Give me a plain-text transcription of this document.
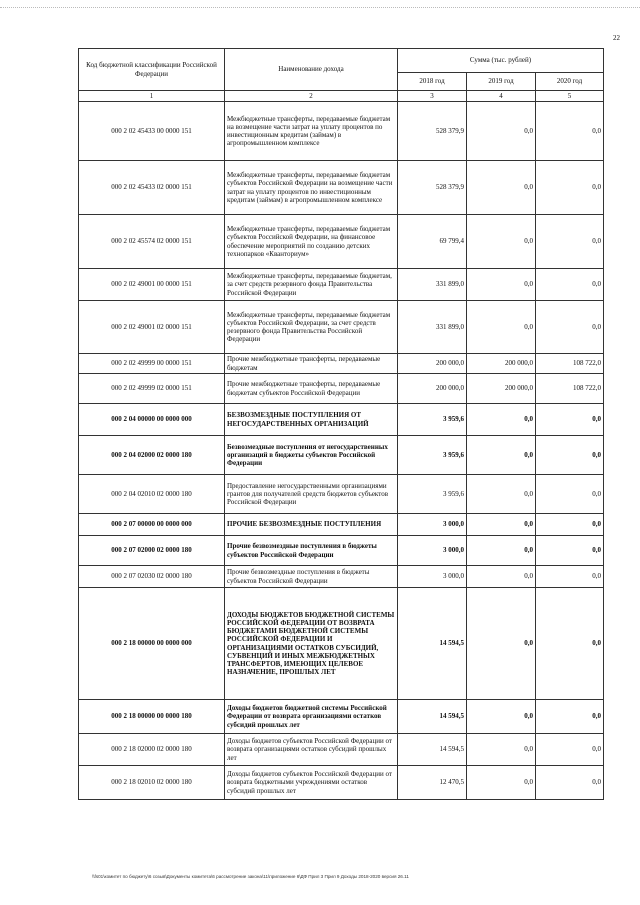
22
Код бюджетной классификации Российской Федерации	Наименование дохода	Сумма (тыс. рублей)		
		2018 год	2019 год	2020 год
1	2	3	4	5
000 2 02 45433 00 0000 151	Межбюджетные трансферты, передаваемые бюджетам на возмещение части затрат на уплату процентов по инвестиционным кредитам (займам) в агропромышленном комплексе	528 379,9	0,0	0,0
000 2 02 45433 02 0000 151	Межбюджетные трансферты, передаваемые бюджетам субъектов Российской Федерации на возмещение части затрат на уплату процентов по инвестиционным кредитам (займам) в агропромышленном комплексе	528 379,9	0,0	0,0
000 2 02 45574 02 0000 151	Межбюджетные трансферты, передаваемые бюджетам субъектов Российской Федерации, на финансовое обеспечение мероприятий по созданию детских технопарков «Кванториум»	69 799,4	0,0	0,0
000 2 02 49001 00 0000 151	Межбюджетные трансферты, передаваемые бюджетам, за счет средств резервного фонда Правительства Российской Федерации	331 899,0	0,0	0,0
000 2 02 49001 02 0000 151	Межбюджетные трансферты, передаваемые бюджетам субъектов Российской Федерации, за счет средств резервного фонда Правительства Российской Федерации	331 899,0	0,0	0,0
000 2 02 49999 00 0000 151	Прочие межбюджетные трансферты, передаваемые бюджетам	200 000,0	200 000,0	108 722,0
000 2 02 49999 02 0000 151	Прочие межбюджетные трансферты, передаваемые бюджетам субъектов Российской Федерации	200 000,0	200 000,0	108 722,0
000 2 04 00000 00 0000 000	БЕЗВОЗМЕЗДНЫЕ ПОСТУПЛЕНИЯ ОТ НЕГОСУДАРСТВЕННЫХ ОРГАНИЗАЦИЙ	3 959,6	0,0	0,0
000 2 04 02000 02 0000 180	Безвозмездные поступления от негосударственных организаций в бюджеты субъектов Российской Федерации	3 959,6	0,0	0,0
000 2 04 02010 02 0000 180	Предоставление негосударственными организациями грантов для получателей средств бюджетов субъектов Российской Федерации	3 959,6	0,0	0,0
000 2 07 00000 00 0000 000	ПРОЧИЕ БЕЗВОЗМЕЗДНЫЕ ПОСТУПЛЕНИЯ	3 000,0	0,0	0,0
000 2 07 02000 02 0000 180	Прочие безвозмездные поступления в бюджеты субъектов Российской Федерации	3 000,0	0,0	0,0
000 2 07 02030 02 0000 180	Прочие безвозмездные поступления в бюджеты субъектов Российской Федерации	3 000,0	0,0	0,0
000 2 18 00000 00 0000 000	ДОХОДЫ БЮДЖЕТОВ БЮДЖЕТНОЙ СИСТЕМЫ РОССИЙСКОЙ ФЕДЕРАЦИИ ОТ ВОЗВРАТА БЮДЖЕТАМИ БЮДЖЕТНОЙ СИСТЕМЫ РОССИЙСКОЙ ФЕДЕРАЦИИ И ОРГАНИЗАЦИЯМИ ОСТАТКОВ СУБСИДИЙ, СУБВЕНЦИЙ И ИНЫХ МЕЖБЮДЖЕТНЫХ ТРАНСФЕРТОВ, ИМЕЮЩИХ ЦЕЛЕВОЕ НАЗНАЧЕНИЕ, ПРОШЛЫХ ЛЕТ	14 594,5	0,0	0,0
000 2 18 00000 00 0000 180	Доходы бюджетов бюджетной системы Российской Федерации от возврата организациями остатков субсидий прошлых лет	14 594,5	0,0	0,0
000 2 18 02000 02 0000 180	Доходы бюджетов субъектов Российской Федерации от возврата организациями остатков субсидий прошлых лет	14 594,5	0,0	0,0
000 2 18 02010 02 0000 180	Доходы бюджетов субъектов Российской Федерации от возврата бюджетными учреждениями остатков субсидий прошлых лет	12 470,5	0,0	0,0
\\fs01\комитет по бюджету\6 созыв\Документы комитета\6 рассмотрение закона\11\приложение 6\ДФ Прил 3 Прил 9 Доходы 2018-2020 версия 26.11
